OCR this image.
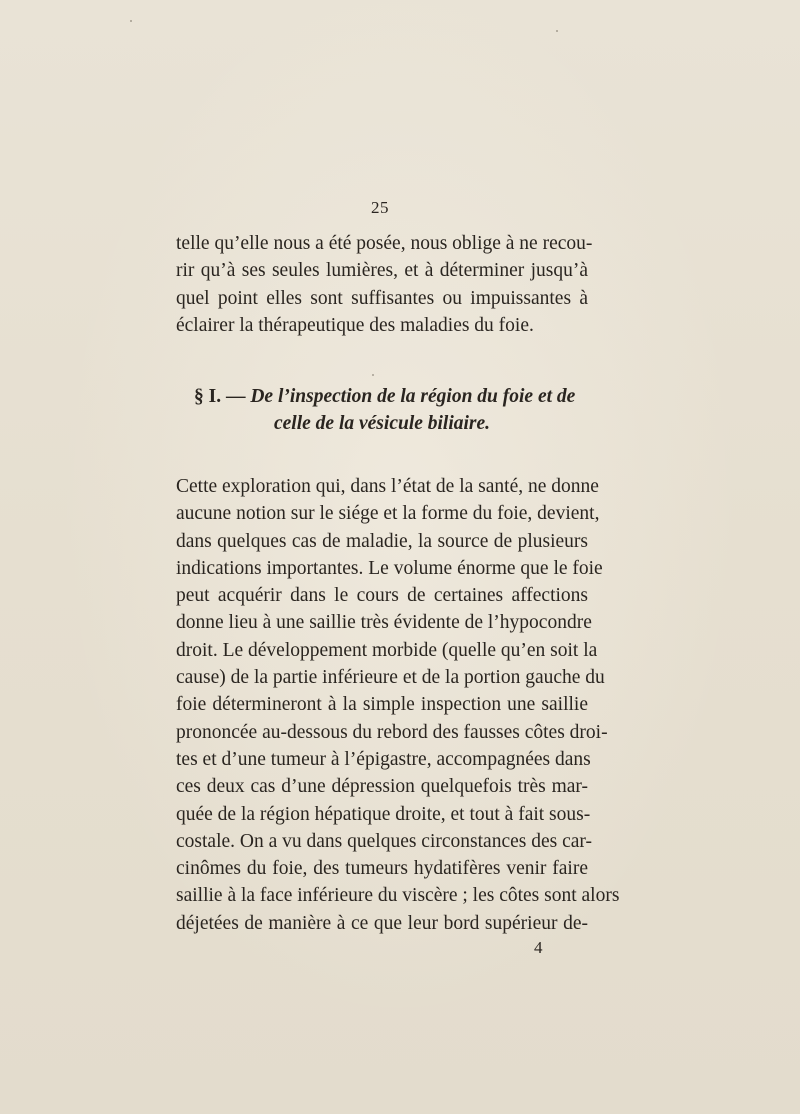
25
telle qu’elle nous a été posée, nous oblige à ne recou-
rir qu’à ses seules lumières, et à déterminer jusqu’à
quel point elles sont suffisantes ou impuissantes à
éclairer la thérapeutique des maladies du foie.
§ I. — De l’inspection de la région du foie et de
celle de la vésicule biliaire.
Cette exploration qui, dans l’état de la santé, ne donne
aucune notion sur le siége et la forme du foie, devient,
dans quelques cas de maladie, la source de plusieurs
indications importantes. Le volume énorme que le foie
peut acquérir dans le cours de certaines affections
donne lieu à une saillie très évidente de l’hypocondre
droit. Le développement morbide (quelle qu’en soit la
cause) de la partie inférieure et de la portion gauche du
foie détermineront à la simple inspection une saillie
prononcée au-dessous du rebord des fausses côtes droi-
tes et d’une tumeur à l’épigastre, accompagnées dans
ces deux cas d’une dépression quelquefois très mar-
quée de la région hépatique droite, et tout à fait sous-
costale. On a vu dans quelques circonstances des car-
cinômes du foie, des tumeurs hydatifères venir faire
saillie à la face inférieure du viscère ; les côtes sont alors
déjetées de manière à ce que leur bord supérieur de-
4
